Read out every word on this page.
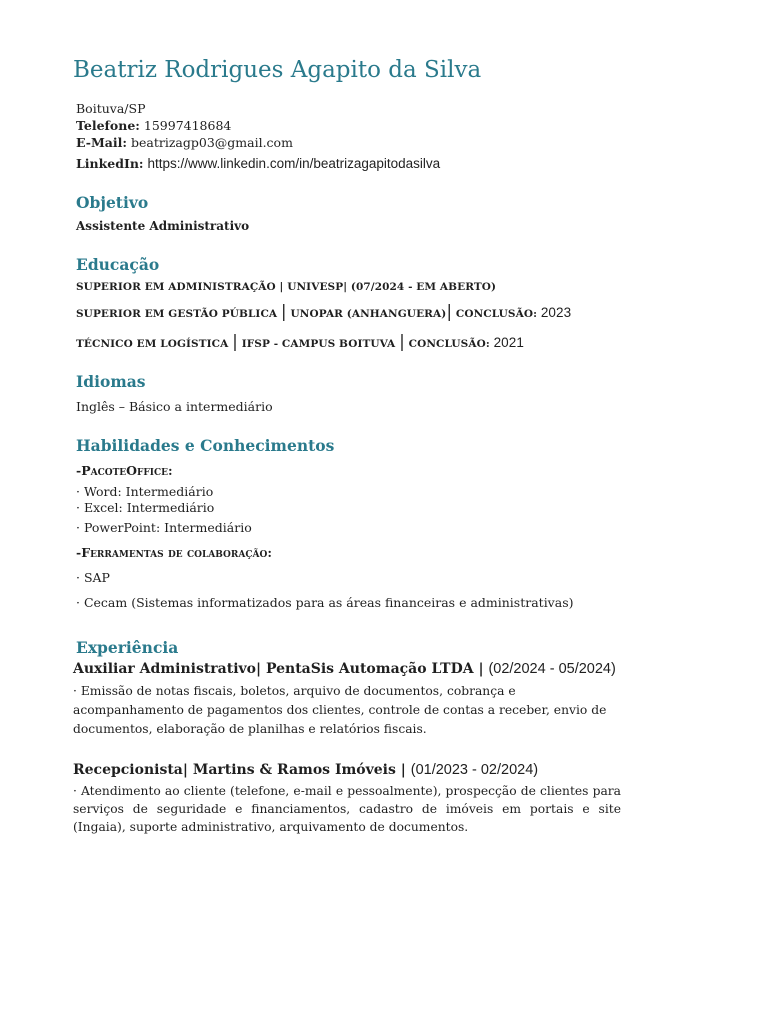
Beatriz Rodrigues Agapito da Silva
Boituva/SP
Telefone: 15997418684
E-Mail: beatrizagp03@gmail.com
LinkedIn: https://www.linkedin.com/in/beatrizagapitodasilva
Objetivo
Assistente Administrativo
Educação
SUPERIOR EM ADMINISTRAÇÃO | UNIVESP| (07/2024 - EM ABERTO)
SUPERIOR EM GESTÃO PÚBLICA | UNOPAR (ANHANGUERA)| CONCLUSÃO: 2023
TÉCNICO EM LOGÍSTICA | IFSP - CAMPUS BOITUVA | CONCLUSÃO: 2021
Idiomas
Inglês – Básico a intermediário
Habilidades e Conhecimentos
-PacoteOffice:
· Word: Intermediário
· Excel: Intermediário
· PowerPoint: Intermediário
-Ferramentas de colaboração:
· SAP
· Cecam (Sistemas informatizados para as áreas financeiras e administrativas)
Experiência
Auxiliar Administrativo| PentaSis Automação LTDA | (02/2024 - 05/2024)
· Emissão de notas fiscais, boletos, arquivo de documentos, cobrança e acompanhamento de pagamentos dos clientes, controle de contas a receber, envio de documentos, elaboração de planilhas e relatórios fiscais.
Recepcionista| Martins & Ramos Imóveis | (01/2023 - 02/2024)
· Atendimento ao cliente (telefone, e-mail e pessoalmente), prospecção de clientes para serviços de seguridade e financiamentos, cadastro de imóveis em portais e site (Ingaia), suporte administrativo, arquivamento de documentos.
